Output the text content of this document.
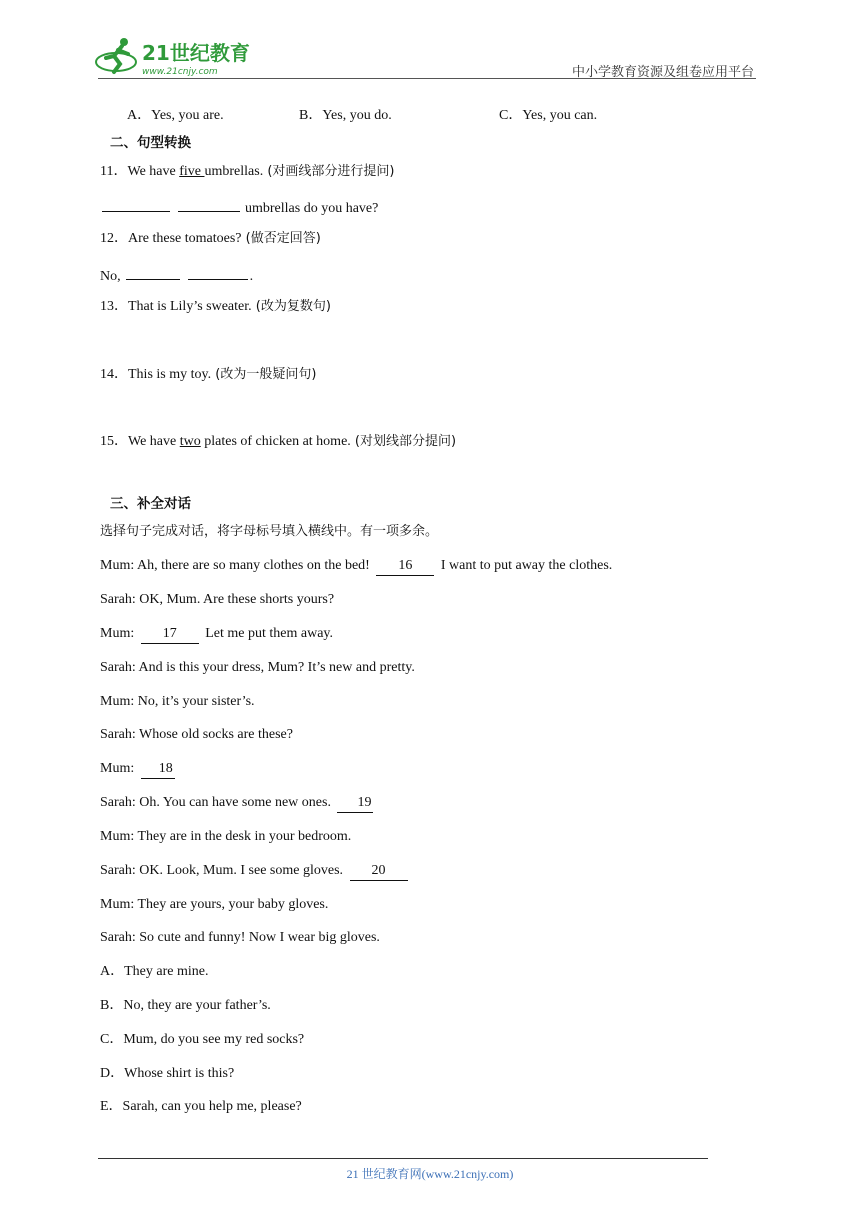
21世纪教育
www.21cnjy.com	中小学教育资源及组卷应用平台
A．Yes, you are.	B．Yes, you do.	C．Yes, you can.
二、句型转换
11．We have five umbrellas. (对画线部分进行提问)
umbrellas do you have?
12．Are these tomatoes? (做否定回答)
No,	.
13．That is Lily’s sweater. (改为复数句)
14．This is my toy. (改为一般疑问句)
15．We have two plates of chicken at home. (对划线部分提问)
三、补全对话
选择句子完成对话，将字母标号填入横线中。有一项多余。
Mum: Ah, there are so many clothes on the bed! 16 I want to put away the clothes.
Sarah: OK, Mum. Are these shorts yours?
Mum: 17 Let me put them away.
Sarah: And is this your dress, Mum? It’s new and pretty.
Mum: No, it’s your sister’s.
Sarah: Whose old socks are these?
Mum: 18
Sarah: Oh. You can have some new ones. 19
Mum: They are in the desk in your bedroom.
Sarah: OK. Look, Mum. I see some gloves. 20
Mum: They are yours, your baby gloves.
Sarah: So cute and funny! Now I wear big gloves.
A．They are mine.
B．No, they are your father’s.
C．Mum, do you see my red socks?
D．Whose shirt is this?
E．Sarah, can you help me, please?
21 世纪教育网(www.21cnjy.com)
